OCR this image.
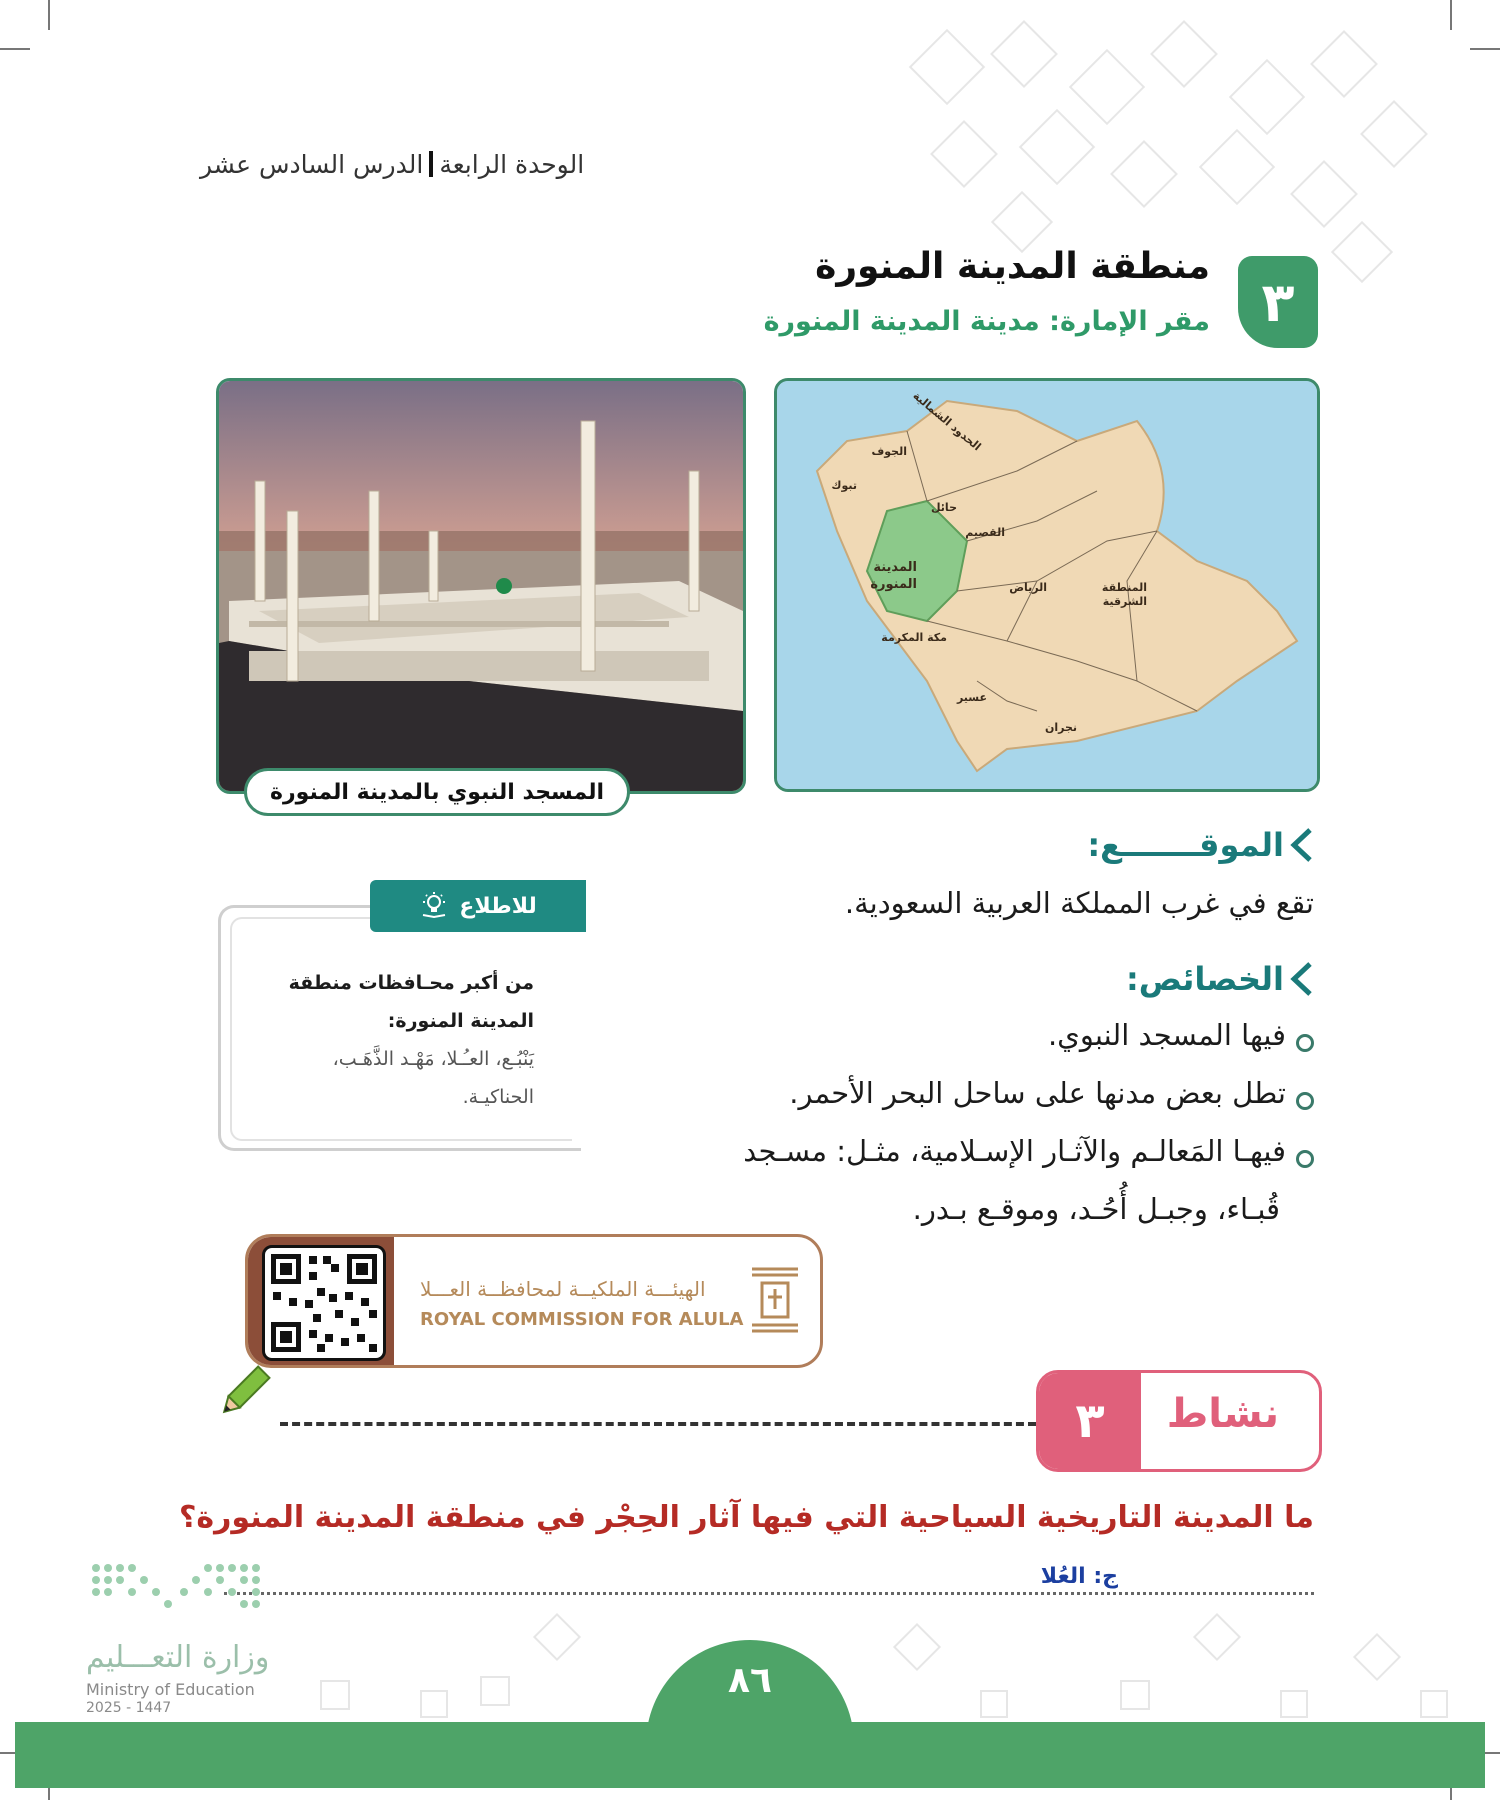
الوحدة الرابعةالدرس السادس عشر
٣
منطقة المدينة المنورة
مقر الإمارة: مدينة المدينة المنورة
المسجد النبوي بالمدينة المنورة
الجوف الحدود الشمالية
تبوك
حائل
القصيم
المدينة
المنورة	الرياض	المنطقة
الشرقية
مكة المكرمة
عسير
نجران
الموقـــــــع:
تقع في غرب المملكة العربية السعودية.
الخصائص:
فيها المسجد النبوي.
تطل بعض مدنها على ساحل البحر الأحمر.
فيهـا المَعالـم والآثـار الإسـلامية، مثـل: مسـجد
قُبـاء، وجبـل أُحُـد، وموقـع بـدر.
للاطلاع
من أكبر محـافظات منطقة
المدينة المنورة:
يَنْبُـع، العـُـلا، مَهْـد الذَّهَـب،
الحناكيـة.
الهيئـــة الملكيــة لمحافظــة العـــلا
ROYAL COMMISSION FOR ALULA
٣	نشاط
ما المدينة التاريخية السياحية التي فيها آثار الحِجْر في منطقة المدينة المنورة؟
ج: العُلا
وزارة التعـــليم
Ministry of Education
2025 - 1447
٨٦
